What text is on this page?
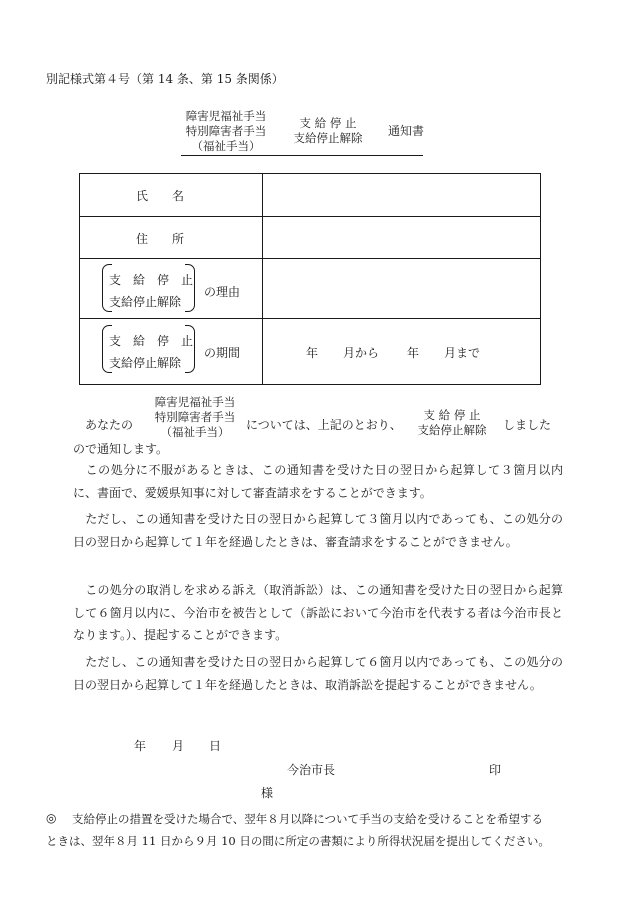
別記様式第４号（第 14 条、第 15 条関係）
障害児福祉手当
特別障害者手当
（福祉手当）
支 給 停 止
支給停止解除	通知書
氏　　名
住　　所
支　給　停　止
支給停止解除
の理由
支　給　停　止
支給停止解除
の期間	年 月から 年 月まで
あなたの
障害児福祉手当
特別障害者手当
（福祉手当）	については、上記のとおり、
支 給 停 止
支給停止解除	しました
ので通知します。
この処分に不服があるときは、この通知書を受けた日の翌日から起算して３箇月以内に、書面で、愛媛県知事に対して審査請求をすることができます。
ただし、この通知書を受けた日の翌日から起算して３箇月以内であっても、この処分の日の翌日から起算して１年を経過したときは、審査請求をすることができません。
この処分の取消しを求める訴え（取消訴訟）は、この通知書を受けた日の翌日から起算して６箇月以内に、今治市を被告として（訴訟において今治市を代表する者は今治市長となります。）、提起することができます。
ただし、この通知書を受けた日の翌日から起算して６箇月以内であっても、この処分の日の翌日から起算して１年を経過したときは、取消訴訟を提起することができません。
年 月 日
今治市長	印
様
◎ 支給停止の措置を受けた場合で、翌年８月以降について手当の支給を受けることを希望する
ときは、翌年８月 11 日から９月 10 日の間に所定の書類により所得状況届を提出してください。
